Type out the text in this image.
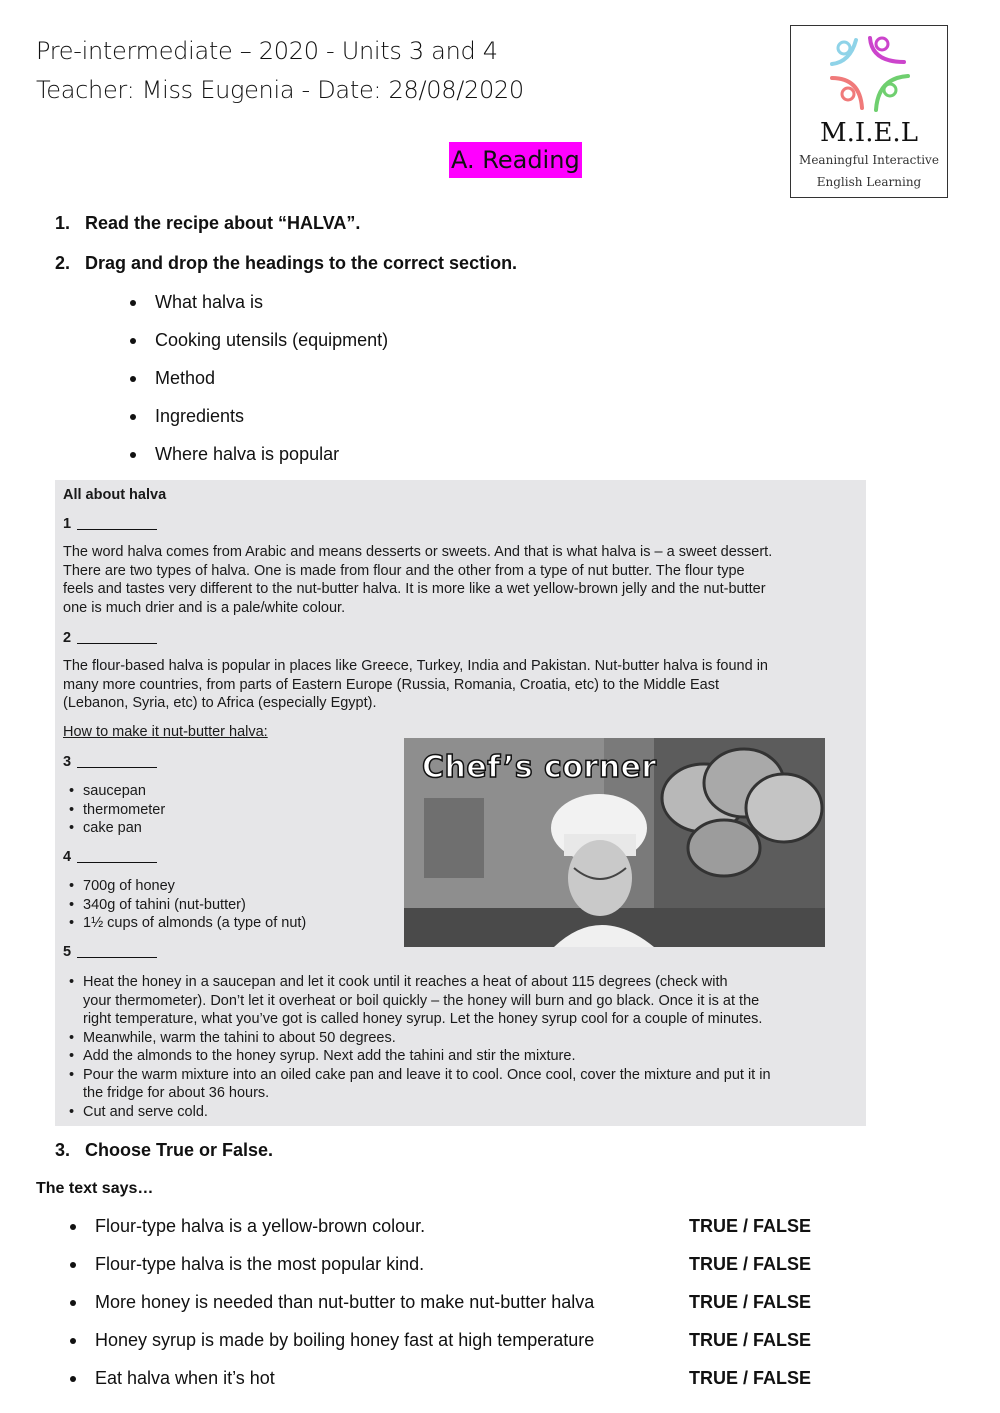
Pre-intermediate – 2020 - Units 3 and 4
Teacher: Miss Eugenia - Date: 28/08/2020
M.I.E.L
Meaningful Interactive
English Learning
A. Reading
1. Read the recipe about “HALVA”.
2. Drag and drop the headings to the correct section.
What halva is
Cooking utensils (equipment)
Method
Ingredients
Where halva is popular
All about halva
1
The word halva comes from Arabic and means desserts or sweets. And that is what halva is – a sweet dessert.
There are two types of halva. One is made from flour and the other from a type of nut butter. The flour type
feels and tastes very different to the nut-butter halva. It is more like a wet yellow-brown jelly and the nut-butter
one is much drier and is a pale/white colour.
2
The flour-based halva is popular in places like Greece, Turkey, India and Pakistan. Nut-butter halva is found in
many more countries, from parts of Eastern Europe (Russia, Romania, Croatia, etc) to the Middle East
(Lebanon, Syria, etc) to Africa (especially Egypt).
How to make it nut-butter halva:
3
• saucepan
• thermometer
• cake pan
4
• 700g of honey
• 340g of tahini (nut-butter)
• 1½ cups of almonds (a type of nut)
5
• Heat the honey in a saucepan and let it cook until it reaches a heat of about 115 degrees (check with
your thermometer). Don’t let it overheat or boil quickly – the honey will burn and go black. Once it is at the
right temperature, what you’ve got is called honey syrup. Let the honey syrup cool for a couple of minutes.
• Meanwhile, warm the tahini to about 50 degrees.
• Add the almonds to the honey syrup. Next add the tahini and stir the mixture.
• Pour the warm mixture into an oiled cake pan and leave it to cool. Once cool, cover the mixture and put it in
the fridge for about 36 hours.
• Cut and serve cold.
Chef’s corner
3. Choose True or False.
The text says…
Flour-type halva is a yellow-brown colour.	TRUE / FALSE
Flour-type halva is the most popular kind.	TRUE / FALSE
More honey is needed than nut-butter to make nut-butter halva	TRUE / FALSE
Honey syrup is made by boiling honey fast at high temperature	TRUE / FALSE
Eat halva when it’s hot	TRUE / FALSE
